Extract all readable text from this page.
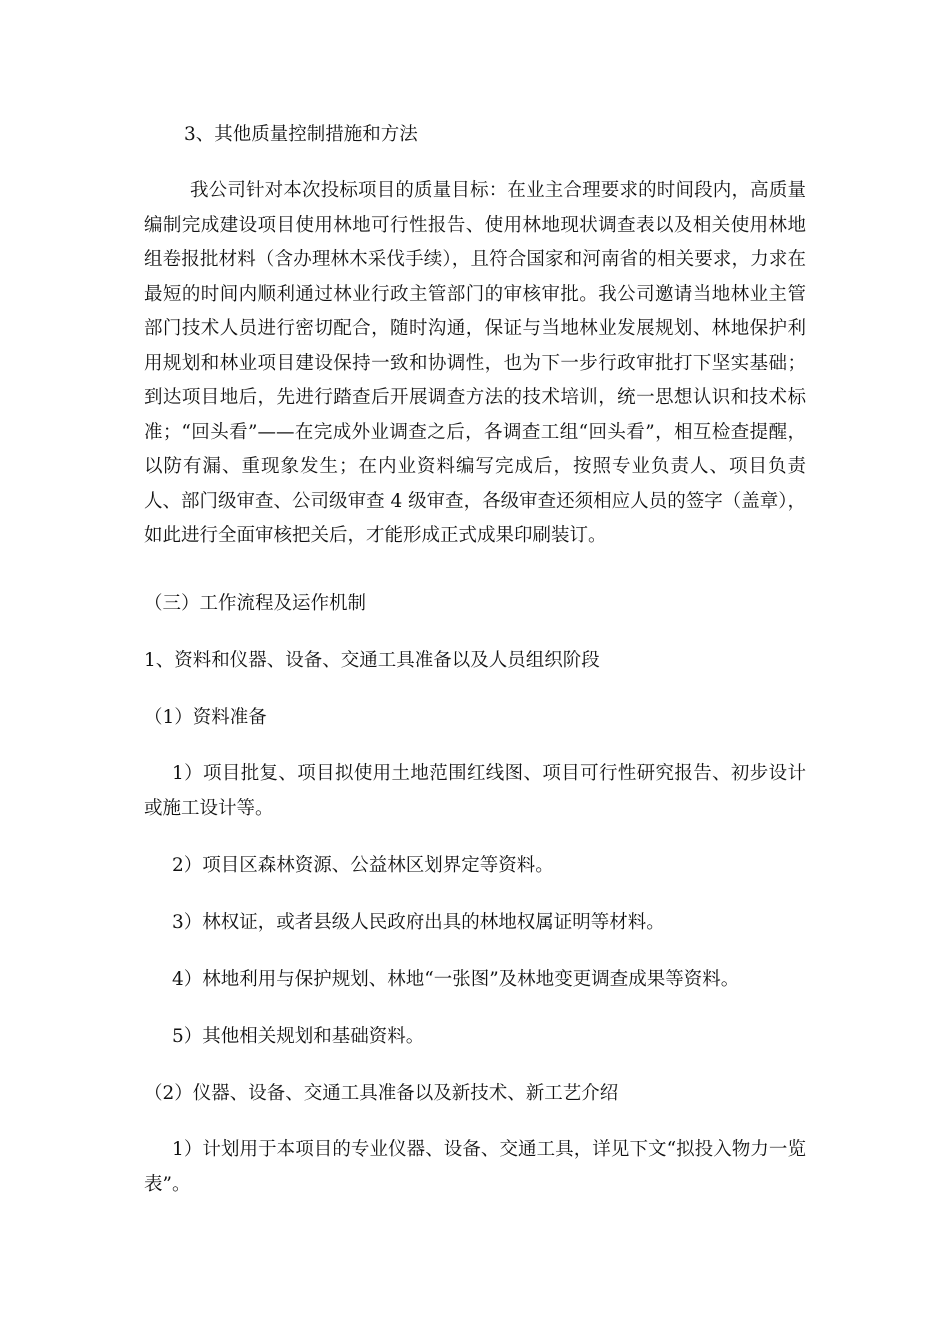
3、其他质量控制措施和方法

我公司针对本次投标项目的质量目标：在业主合理要求的时间段内，高质量编制完成建设项目使用林地可行性报告、使用林地现状调查表以及相关使用林地组卷报批材料（含办理林木采伐手续），且符合国家和河南省的相关要求，力求在最短的时间内顺利通过林业行政主管部门的审核审批。我公司邀请当地林业主管部门技术人员进行密切配合，随时沟通，保证与当地林业发展规划、林地保护利用规划和林业项目建设保持一致和协调性，也为下一步行政审批打下坚实基础；到达项目地后，先进行踏查后开展调查方法的技术培训，统一思想认识和技术标准；“回头看”——在完成外业调查之后，各调查工组“回头看”，相互检查提醒，以防有漏、重现象发生；在内业资料编写完成后，按照专业负责人、项目负责人、部门级审查、公司级审查 4 级审查，各级审查还须相应人员的签字（盖章），如此进行全面审核把关后，才能形成正式成果印刷装订。

（三）工作流程及运作机制
1、资料和仪器、设备、交通工具准备以及人员组织阶段
（1）资料准备

1）项目批复、项目拟使用土地范围红线图、项目可行性研究报告、初步设计或施工设计等。

2）项目区森林资源、公益林区划界定等资料。
3）林权证，或者县级人民政府出具的林地权属证明等材料。
4）林地利用与保护规划、林地“一张图”及林地变更调查成果等资料。
5）其他相关规划和基础资料。
（2）仪器、设备、交通工具准备以及新技术、新工艺介绍

1）计划用于本项目的专业仪器、设备、交通工具，详见下文“拟投入物力一览表”。
